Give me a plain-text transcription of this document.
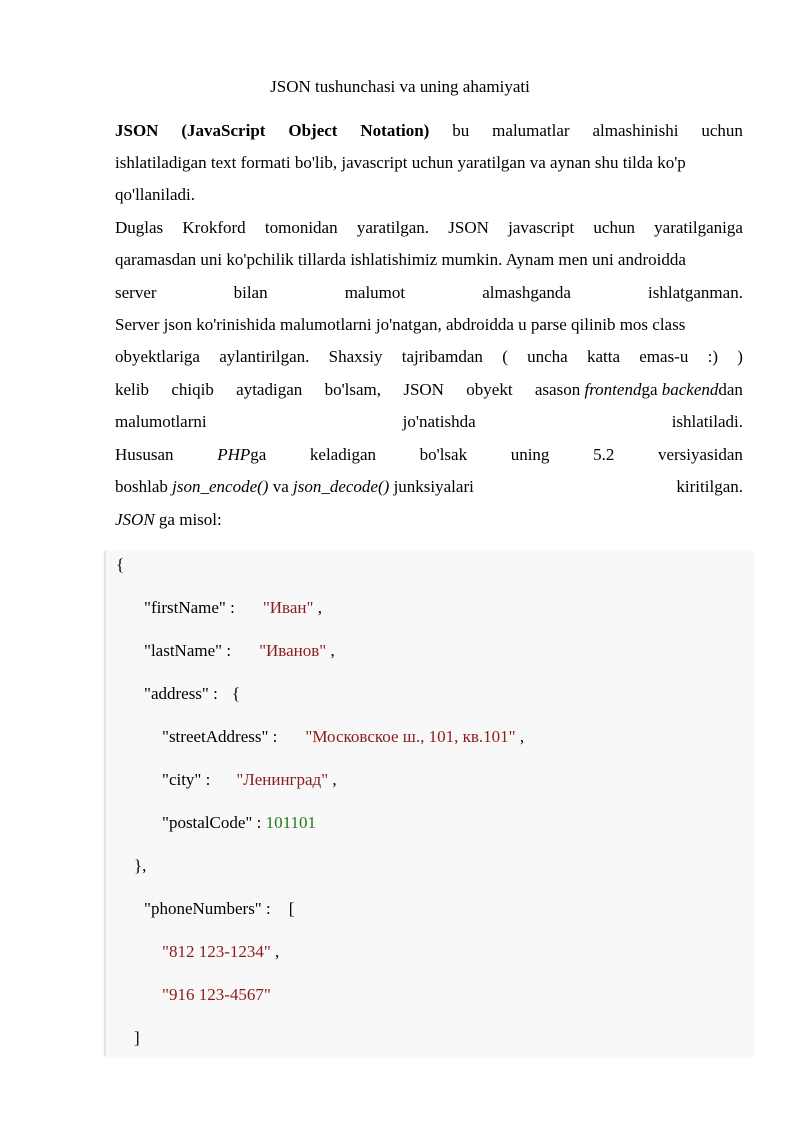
JSON tushunchasi va uning ahamiyati
JSON (JavaScript Object Notation) bu malumatlar almashinishi uchun
ishlatiladigan text formati bo'lib, javascript uchun yaratilgan va aynan shu tilda ko'p
qo'llaniladi.
Duglas Krokford tomonidan yaratilgan. JSON javascript uchun yaratilganiga
qaramasdan uni ko'pchilik tillarda ishlatishimiz mumkin. Aynam men uni androidda
server	bilan	malumot	almashganda	ishlatganman.
Server json ko'rinishida malumotlarni jo'natgan, abdroidda u parse qilinib mos class
obyektlariga aylantirilgan. Shaxsiy tajribamdan ( uncha katta emas-u :) )
kelib chiqib aytadigan bo'lsam, JSON obyekt asason frontendga backenddan
malumotlarni	jo'natishda	ishlatiladi.
Hususan	PHPga	keladigan	bo'lsak	uning	5.2	versiyasidan
boshlab json_encode() va json_decode() junksiyalari	kiritilgan.
JSON ga misol:
{
"firstName" : "Иван" ,
"lastName" : "Иванов" ,
"address" : {
"streetAddress" : "Московское ш., 101, кв.101" ,
"city" : "Ленинград" ,
"postalCode" : 101101
},
"phoneNumbers" : [
"812 123-1234" ,
"916 123-4567"
]
